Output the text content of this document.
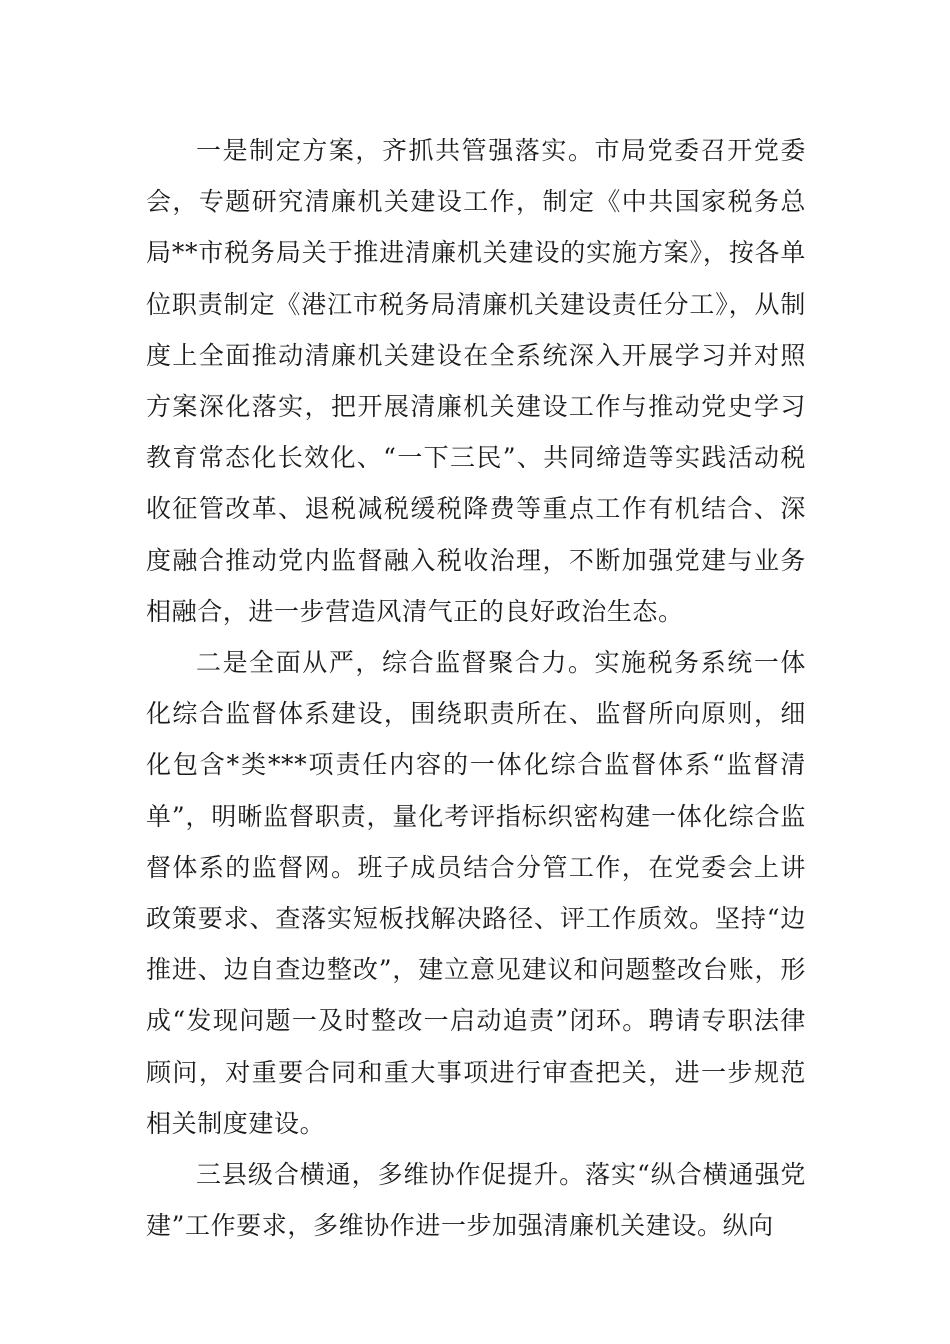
一是制定方案，齐抓共管强落实。市局党委召开党委会，专题研究清廉机关建设工作，制定《中共国家税务总局**市税务局关于推进清廉机关建设的实施方案》，按各单位职责制定《港江市税务局清廉机关建设责任分工》，从制度上全面推动清廉机关建设在全系统深入开展学习并对照方案深化落实，把开展清廉机关建设工作与推动党史学习教育常态化长效化、“一下三民”、共同缔造等实践活动税收征管改革、退税减税缓税降费等重点工作有机结合、深度融合推动党内监督融入税收治理，不断加强党建与业务相融合，进一步营造风清气正的良好政治生态。

二是全面从严，综合监督聚合力。实施税务系统一体化综合监督体系建设，围绕职责所在、监督所向原则，细化包含*类***项责任内容的一体化综合监督体系“监督清单”，明晰监督职责，量化考评指标织密构建一体化综合监督体系的监督网。班子成员结合分管工作，在党委会上讲政策要求、查落实短板找解决路径、评工作质效。坚持“边推进、边自查边整改”，建立意见建议和问题整改台账，形成“发现问题一及时整改一启动追责”闭环。聘请专职法律顾问，对重要合同和重大事项进行审查把关，进一步规范相关制度建设。

三县级合横通，多维协作促提升。落实“纵合横通强党建”工作要求，多维协作进一步加强清廉机关建设。纵向
